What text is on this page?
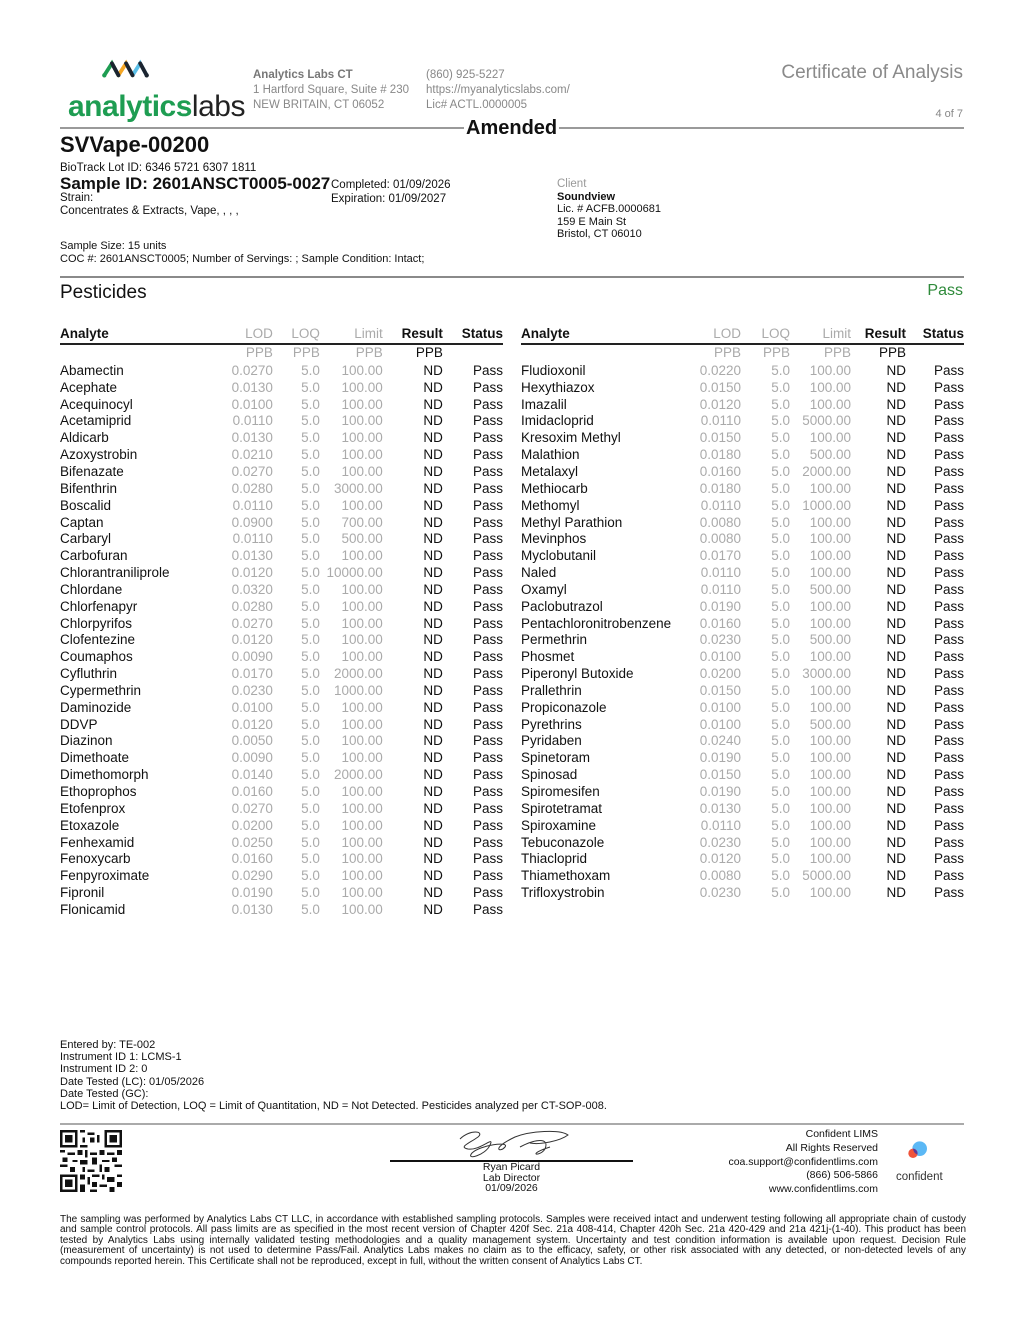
analyticslabs
Analytics Labs CT
1 Hartford Square, Suite # 230
NEW BRITAIN, CT 06052
(860) 925-5227
https://myanalyticslabs.com/
Lic# ACTL.0000005
Certificate of Analysis
4 of 7
Amended
SVVape-00200
BioTrack Lot ID: 6346 5721 6307 1811
Sample ID: 2601ANSCT0005-0027
Strain:
Concentrates & Extracts, Vape, , , ,
Completed: 01/09/2026
Expiration: 01/09/2027
Client
Soundview
Lic. # ACFB.0000681
159 E Main St
Bristol, CT 06010
Sample Size: 15 units
COC #: 2601ANSCT0005; Number of Servings: ; Sample Condition: Intact;
Pesticides	Pass
Analyte	LOD	LOQ	Limit	Result	Status
PPB	PPB	PPB	PPB
Abamectin	0.0270	5.0	100.00	ND	Pass
Acephate	0.0130	5.0	100.00	ND	Pass
Acequinocyl	0.0100	5.0	100.00	ND	Pass
Acetamiprid	0.0110	5.0	100.00	ND	Pass
Aldicarb	0.0130	5.0	100.00	ND	Pass
Azoxystrobin	0.0210	5.0	100.00	ND	Pass
Bifenazate	0.0270	5.0	100.00	ND	Pass
Bifenthrin	0.0280	5.0	3000.00	ND	Pass
Boscalid	0.0110	5.0	100.00	ND	Pass
Captan	0.0900	5.0	700.00	ND	Pass
Carbaryl	0.0110	5.0	500.00	ND	Pass
Carbofuran	0.0130	5.0	100.00	ND	Pass
Chlorantraniliprole	0.0120	5.0 10000.00	ND	Pass
Chlordane	0.0320	5.0	100.00	ND	Pass
Chlorfenapyr	0.0280	5.0	100.00	ND	Pass
Chlorpyrifos	0.0270	5.0	100.00	ND	Pass
Clofentezine	0.0120	5.0	100.00	ND	Pass
Coumaphos	0.0090	5.0	100.00	ND	Pass
Cyfluthrin	0.0170	5.0	2000.00	ND	Pass
Cypermethrin	0.0230	5.0	1000.00	ND	Pass
Daminozide	0.0100	5.0	100.00	ND	Pass
DDVP	0.0120	5.0	100.00	ND	Pass
Diazinon	0.0050	5.0	100.00	ND	Pass
Dimethoate	0.0090	5.0	100.00	ND	Pass
Dimethomorph	0.0140	5.0	2000.00	ND	Pass
Ethoprophos	0.0160	5.0	100.00	ND	Pass
Etofenprox	0.0270	5.0	100.00	ND	Pass
Etoxazole	0.0200	5.0	100.00	ND	Pass
Fenhexamid	0.0250	5.0	100.00	ND	Pass
Fenoxycarb	0.0160	5.0	100.00	ND	Pass
Fenpyroximate	0.0290	5.0	100.00	ND	Pass
Fipronil	0.0190	5.0	100.00	ND	Pass
Flonicamid	0.0130	5.0	100.00	ND	Pass
Analyte	LOD	LOQ	Limit	Result	Status
PPB	PPB	PPB	PPB
Fludioxonil	0.0220	5.0	100.00	ND	Pass
Hexythiazox	0.0150	5.0	100.00	ND	Pass
Imazalil	0.0120	5.0	100.00	ND	Pass
Imidacloprid	0.0110	5.0 5000.00	ND	Pass
Kresoxim Methyl	0.0150	5.0	100.00	ND	Pass
Malathion	0.0180	5.0	500.00	ND	Pass
Metalaxyl	0.0160	5.0 2000.00	ND	Pass
Methiocarb	0.0180	5.0	100.00	ND	Pass
Methomyl	0.0110	5.0 1000.00	ND	Pass
Methyl Parathion	0.0080	5.0	100.00	ND	Pass
Mevinphos	0.0080	5.0	100.00	ND	Pass
Myclobutanil	0.0170	5.0	100.00	ND	Pass
Naled	0.0110	5.0	100.00	ND	Pass
Oxamyl	0.0110	5.0	500.00	ND	Pass
Paclobutrazol	0.0190	5.0	100.00	ND	Pass
Pentachloronitrobenzene	0.0160	5.0	100.00	ND	Pass
Permethrin	0.0230	5.0	500.00	ND	Pass
Phosmet	0.0100	5.0	100.00	ND	Pass
Piperonyl Butoxide	0.0200	5.0 3000.00	ND	Pass
Prallethrin	0.0150	5.0	100.00	ND	Pass
Propiconazole	0.0100	5.0	100.00	ND	Pass
Pyrethrins	0.0100	5.0	500.00	ND	Pass
Pyridaben	0.0240	5.0	100.00	ND	Pass
Spinetoram	0.0190	5.0	100.00	ND	Pass
Spinosad	0.0150	5.0	100.00	ND	Pass
Spiromesifen	0.0190	5.0	100.00	ND	Pass
Spirotetramat	0.0130	5.0	100.00	ND	Pass
Spiroxamine	0.0110	5.0	100.00	ND	Pass
Tebuconazole	0.0230	5.0	100.00	ND	Pass
Thiacloprid	0.0120	5.0	100.00	ND	Pass
Thiamethoxam	0.0080	5.0 5000.00	ND	Pass
Trifloxystrobin	0.0230	5.0	100.00	ND	Pass
Entered by: TE-002
Instrument ID 1: LCMS-1
Instrument ID 2: 0
Date Tested (LC): 01/05/2026
Date Tested (GC):
LOD= Limit of Detection, LOQ = Limit of Quantitation, ND = Not Detected. Pesticides analyzed per CT-SOP-008.
Ryan Picard
Lab Director
01/09/2026
Confident LIMS
All Rights Reserved
coa.support@confidentlims.com
(866) 506-5866
www.confidentlims.com
confident
The sampling was performed by Analytics Labs CT LLC, in accordance with established sampling protocols. Samples were received intact and underwent testing following all appropriate chain of custody and sample control protocols. All pass limits are as specified in the most recent version of Chapter 420f Sec. 21a 408-414, Chapter 420h Sec. 21a 420-429 and 21a 421j-(1-40). This product has been tested by Analytics Labs using internally validated testing methodologies and a quality management system. Uncertainty and test condition information is available upon request. Decision Rule (measurement of uncertainty) is not used to determine Pass/Fail. Analytics Labs makes no claim as to the efficacy, safety, or other risk associated with any detected, or non-detected levels of any compounds reported herein. This Certificate shall not be reproduced, except in full, without the written consent of Analytics Labs CT.
